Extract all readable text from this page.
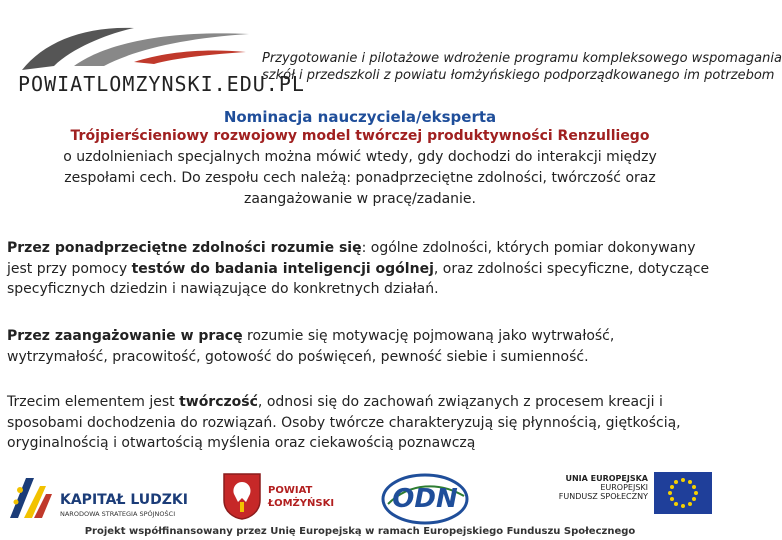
POWIATLOMZYNSKI.EDU.PL
Przygotowanie i pilotażowe wdrożenie programu kompleksowego wspomagania
szkół i przedszkoli z powiatu łomżyńskiego podporządkowanego im potrzebom
Nominacja nauczyciela/eksperta
Trójpierścieniowy rozwojowy model twórczej produktywności Renzulliego
o uzdolnieniach specjalnych można mówić wtedy, gdy dochodzi do interakcji między zespołami cech. Do zespołu cech należą: ponadprzeciętne zdolności, twórczość oraz zaangażowanie w pracę/zadanie.
Przez ponadprzeciętne zdolności rozumie się: ogólne zdolności, których pomiar dokonywany jest przy pomocy testów do badania inteligencji ogólnej, oraz zdolności specyficzne, dotyczące specyficznych dziedzin i nawiązujące do konkretnych działań.
Przez zaangażowanie w pracę rozumie się motywację pojmowaną jako wytrwałość, wytrzymałość, pracowitość, gotowość do poświęceń, pewność siebie i sumienność.
Trzecim elementem jest twórczość, odnosi się do zachowań związanych z procesem kreacji i sposobami dochodzenia do rozwiązań. Osoby twórcze charakteryzują się płynnością, giętkością, oryginalnością i otwartością myślenia oraz ciekawością poznawczą
KAPITAŁ LUDZKI
NARODOWA STRATEGIA SPÓJNOŚCI
POWIAT
ŁOMŻYŃSKI ODN
UNIA EUROPEJSKA
EUROPEJSKI
FUNDUSZ SPOŁECZNY
Projekt współfinansowany przez Unię Europejską w ramach Europejskiego Funduszu Społecznego
